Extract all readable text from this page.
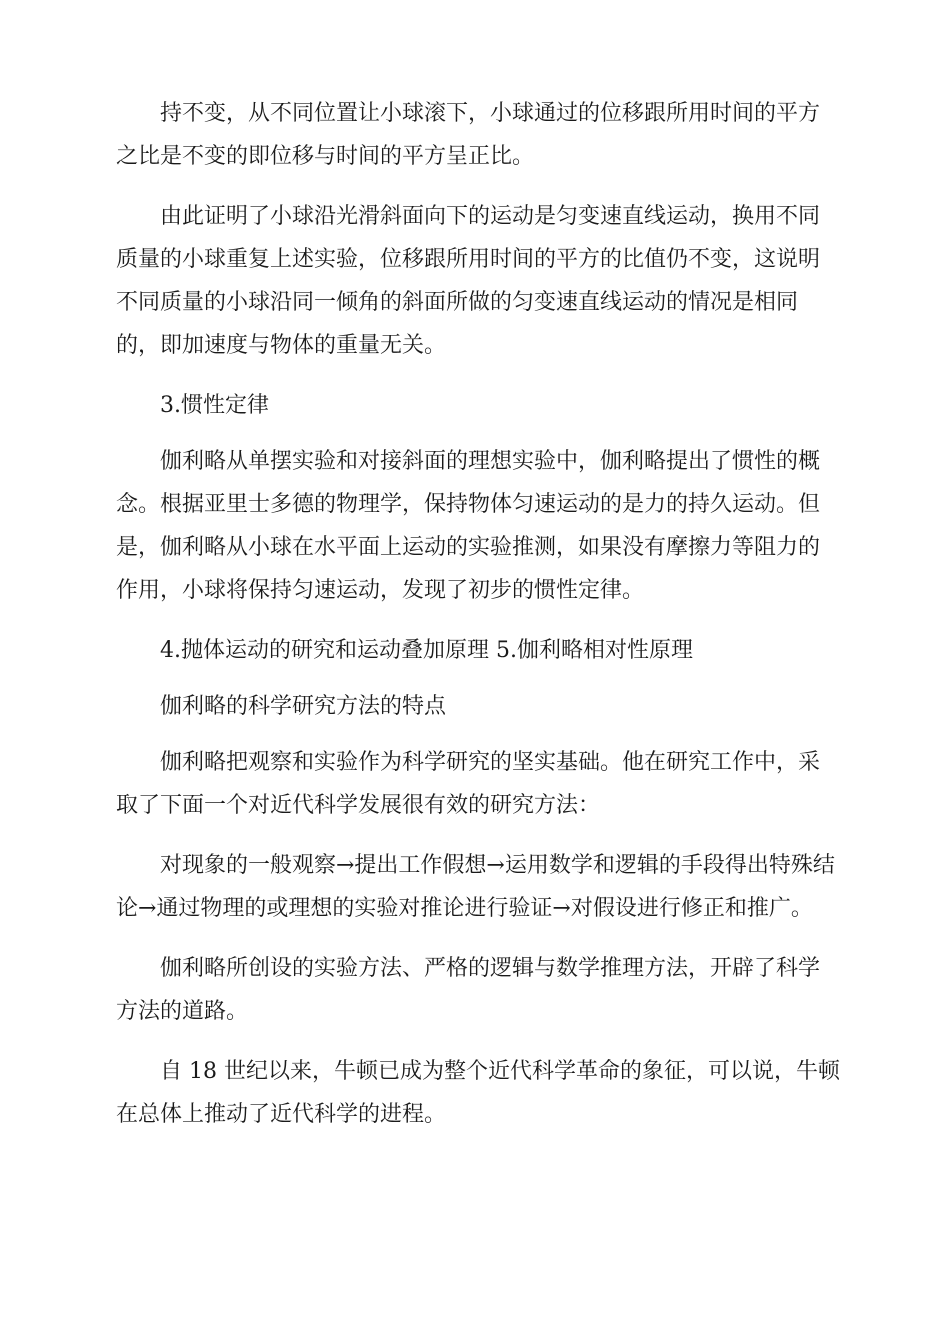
持不变，从不同位置让小球滚下，小球通过的位移跟所用时间的平方之比是不变的即位移与时间的平方呈正比。

由此证明了小球沿光滑斜面向下的运动是匀变速直线运动，换用不同质量的小球重复上述实验，位移跟所用时间的平方的比值仍不变，这说明不同质量的小球沿同一倾角的斜面所做的匀变速直线运动的情况是相同的，即加速度与物体的重量无关。

3.惯性定律

伽利略从单摆实验和对接斜面的理想实验中，伽利略提出了惯性的概念。根据亚里士多德的物理学，保持物体匀速运动的是力的持久运动。但是，伽利略从小球在水平面上运动的实验推测，如果没有摩擦力等阻力的作用，小球将保持匀速运动，发现了初步的惯性定律。

4.抛体运动的研究和运动叠加原理 5.伽利略相对性原理

伽利略的科学研究方法的特点

伽利略把观察和实验作为科学研究的坚实基础。他在研究工作中，采取了下面一个对近代科学发展很有效的研究方法：

对现象的一般观察→提出工作假想→运用数学和逻辑的手段得出特殊结论→通过物理的或理想的实验对推论进行验证→对假设进行修正和推广。

伽利略所创设的实验方法、严格的逻辑与数学推理方法，开辟了科学方法的道路。

自 18 世纪以来，牛顿已成为整个近代科学革命的象征，可以说，牛顿在总体上推动了近代科学的进程。
